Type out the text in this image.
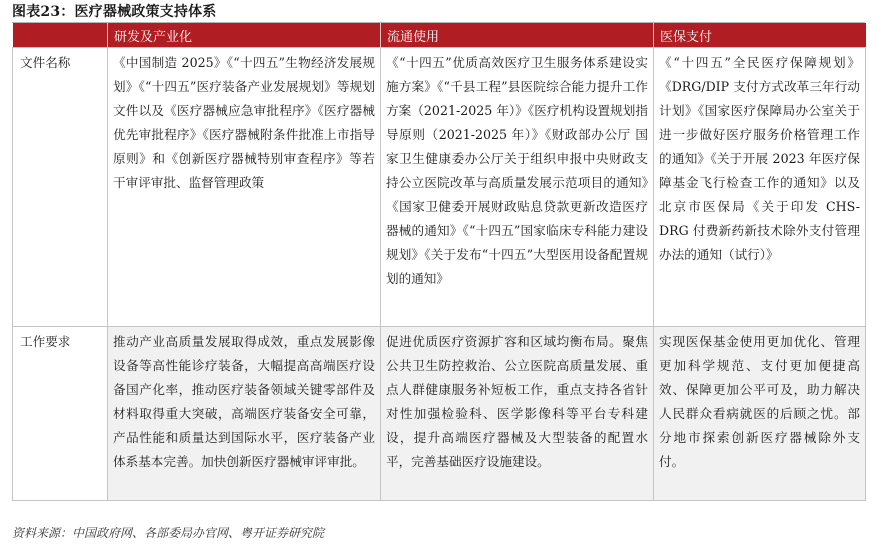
图表23：医疗器械政策支持体系
	研发及产业化	流通使用	医保支付
文件名称	《中国制造 2025》《“十四五”生物经济发展规划》《“十四五”医疗装备产业发展规划》等规划文件以及《医疗器械应急审批程序》《医疗器械优先审批程序》《医疗器械附条件批准上市指导原则》和《创新医疗器械特别审查程序》等若干审评审批、监督管理政策	《“十四五”优质高效医疗卫生服务体系建设实施方案》《“千县工程”县医院综合能力提升工作方案（2021-2025 年）》《医疗机构设置规划指导原则（2021-2025 年）》《财政部办公厅 国家卫生健康委办公厅关于组织申报中央财政支持公立医院改革与高质量发展示范项目的通知》《国家卫健委开展财政贴息贷款更新改造医疗器械的通知》《“十四五”国家临床专科能力建设规划》《关于发布“十四五”大型医用设备配置规划的通知》	《“十四五”全民医疗保障规划》《DRG/DIP 支付方式改革三年行动计划》《国家医疗保障局办公室关于进一步做好医疗服务价格管理工作的通知》《关于开展 2023 年医疗保障基金飞行检查工作的通知》以及北京市医保局《关于印发 CHS-DRG 付费新药新技术除外支付管理办法的通知（试行）》
工作要求	推动产业高质量发展取得成效，重点发展影像设备等高性能诊疗装备，大幅提高高端医疗设备国产化率，推动医疗装备领域关键零部件及材料取得重大突破，高端医疗装备安全可靠，产品性能和质量达到国际水平，医疗装备产业体系基本完善。加快创新医疗器械审评审批。	促进优质医疗资源扩容和区域均衡布局。聚焦公共卫生防控救治、公立医院高质量发展、重点人群健康服务补短板工作，重点支持各省针对性加强检验科、医学影像科等平台专科建设，提升高端医疗器械及大型装备的配置水平，完善基础医疗设施建设。	实现医保基金使用更加优化、管理更加科学规范、支付更加便捷高效、保障更加公平可及，助力解决人民群众看病就医的后顾之忧。部分地市探索创新医疗器械除外支付。
资料来源：中国政府网、各部委局办官网、粤开证券研究院
